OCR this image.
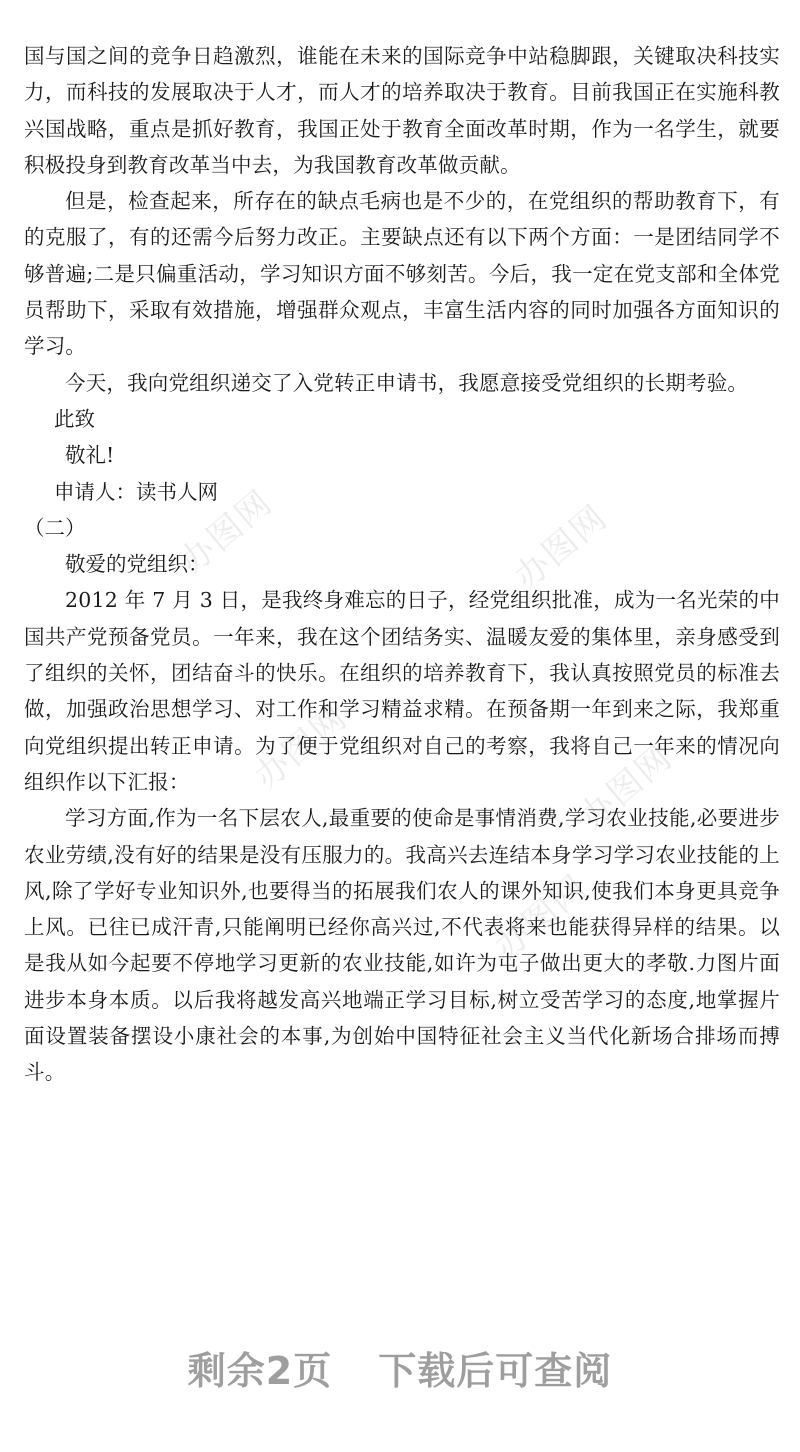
办图网	办图网
办图网	办图网
办图网

国与国之间的竞争日趋激烈，谁能在未来的国际竞争中站稳脚跟，关键取决科技实力，而科技的发展取决于人才，而人才的培养取决于教育。目前我国正在实施科教兴国战略，重点是抓好教育，我国正处于教育全面改革时期，作为一名学生，就要积极投身到教育改革当中去，为我国教育改革做贡献。

但是，检查起来，所存在的缺点毛病也是不少的，在党组织的帮助教育下，有的克服了，有的还需今后努力改正。主要缺点还有以下两个方面：一是团结同学不够普遍;二是只偏重活动，学习知识方面不够刻苦。今后，我一定在党支部和全体党员帮助下，采取有效措施，增强群众观点，丰富生活内容的同时加强各方面知识的学习。

今天，我向党组织递交了入党转正申请书，我愿意接受党组织的长期考验。

此致

敬礼!

申请人：读书人网

（二）

敬爱的党组织：

2012 年 7 月 3 日，是我终身难忘的日子，经党组织批准，成为一名光荣的中国共产党预备党员。一年来，我在这个团结务实、温暖友爱的集体里，亲身感受到了组织的关怀，团结奋斗的快乐。在组织的培养教育下，我认真按照党员的标准去做，加强政治思想学习、对工作和学习精益求精。在预备期一年到来之际，我郑重向党组织提出转正申请。为了便于党组织对自己的考察，我将自己一年来的情况向组织作以下汇报：

学习方面,作为一名下层农人,最重要的使命是事情消费,学习农业技能,必要进步农业劳绩,没有好的结果是没有压服力的。我高兴去连结本身学习学习农业技能的上风,除了学好专业知识外,也要得当的拓展我们农人的课外知识,使我们本身更具竞争上风。已往已成汗青,只能阐明已经你高兴过,不代表将来也能获得异样的结果。以是我从如今起要不停地学习更新的农业技能,如许为屯子做出更大的孝敬.力图片面进步本身本质。以后我将越发高兴地端正学习目标,树立受苦学习的态度,地掌握片面设置装备摆设小康社会的本事,为创始中国特征社会主义当代化新场合排场而搏斗。

剩余2页 下载后可查阅
